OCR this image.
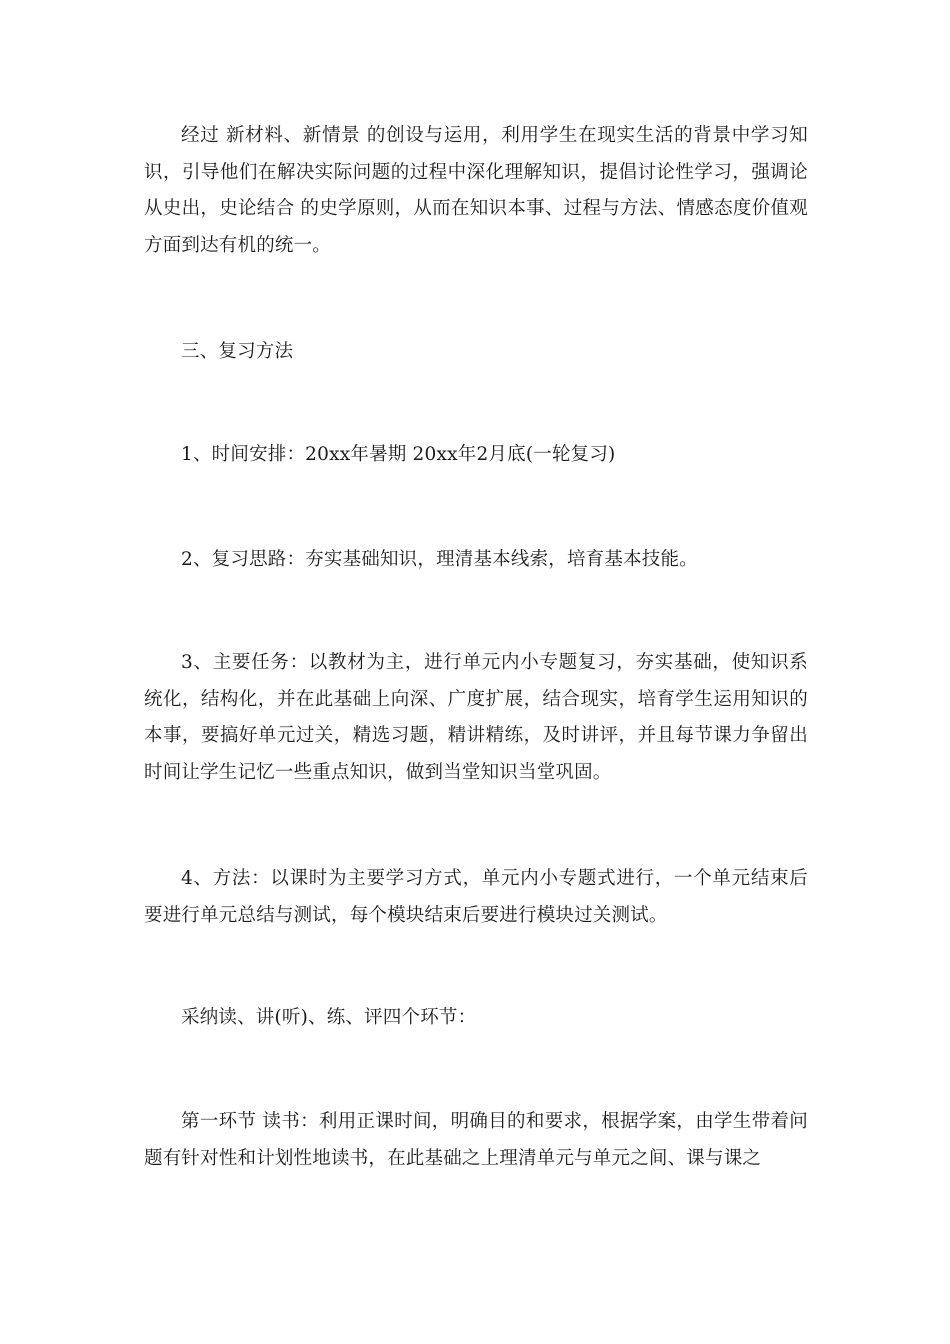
经过 新材料、新情景 的创设与运用，利用学生在现实生活的背景中学习知识，引导他们在解决实际问题的过程中深化理解知识，提倡讨论性学习，强调论从史出，史论结合 的史学原则，从而在知识本事、过程与方法、情感态度价值观方面到达有机的统一。

三、复习方法

1、时间安排：20xx年暑期 20xx年2月底(一轮复习)

2、复习思路：夯实基础知识，理清基本线索，培育基本技能。

3、主要任务：以教材为主，进行单元内小专题复习，夯实基础，使知识系统化，结构化，并在此基础上向深、广度扩展，结合现实，培育学生运用知识的本事，要搞好单元过关，精选习题，精讲精练，及时讲评，并且每节课力争留出时间让学生记忆一些重点知识，做到当堂知识当堂巩固。

4、方法：以课时为主要学习方式，单元内小专题式进行，一个单元结束后要进行单元总结与测试，每个模块结束后要进行模块过关测试。

采纳读、讲(听)、练、评四个环节：

第一环节 读书：利用正课时间，明确目的和要求，根据学案，由学生带着问题有针对性和计划性地读书，在此基础之上理清单元与单元之间、课与课之
